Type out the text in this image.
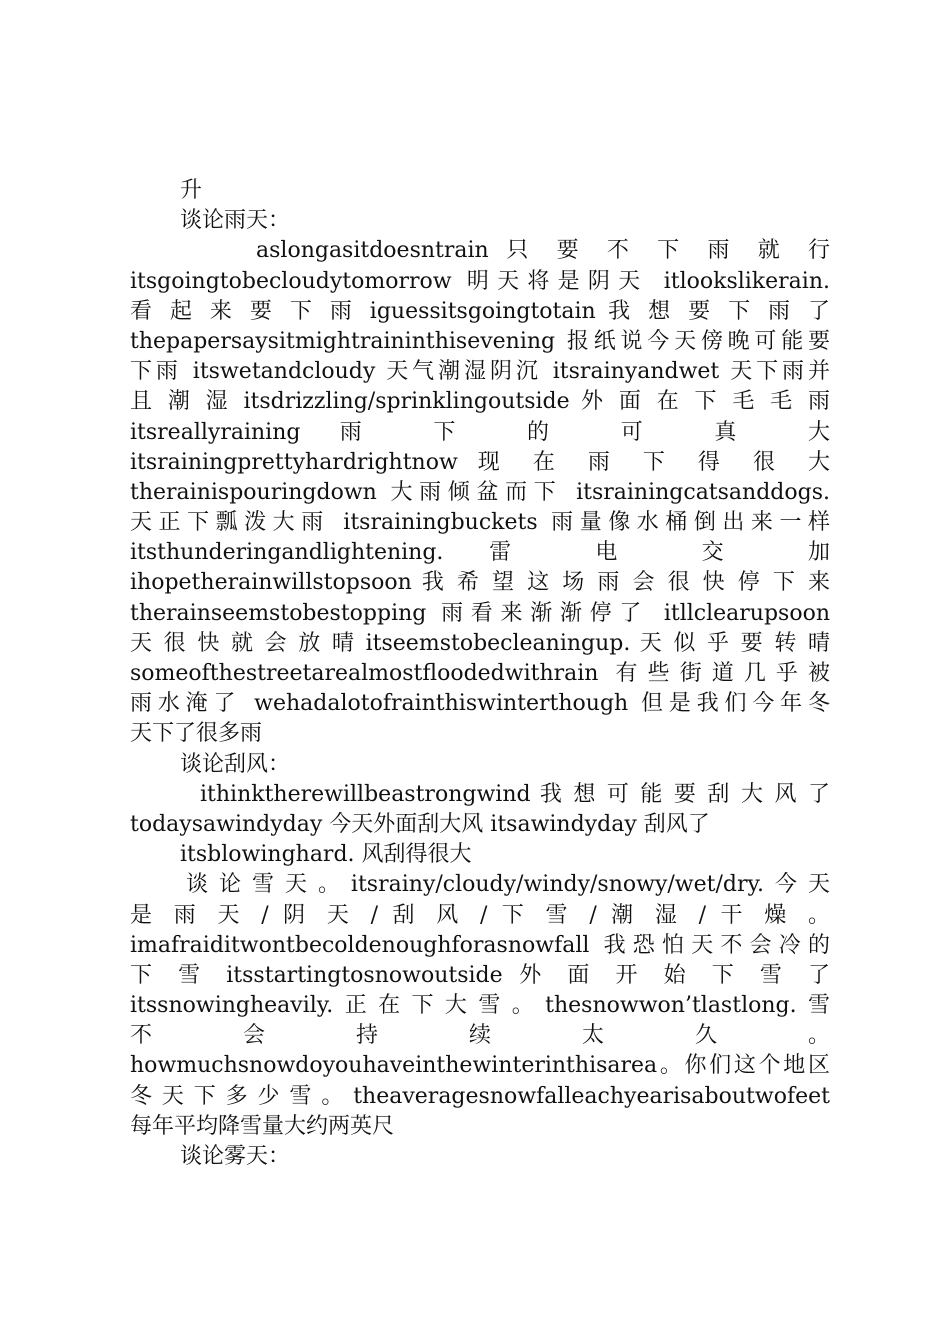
升
谈论雨天：
aslongasitdoesntrain 只 要 不 下 雨 就 行
itsgoingtobecloudytomorrow 明天将是阴天 itlookslikerain.
看 起 来 要 下 雨 iguessitsgoingtotain 我 想 要 下 雨 了
thepapersaysitmightraininthisevening 报纸说今天傍晚可能要
下雨 itswetandcloudy 天气潮湿阴沉 itsrainyandwet 天下雨并
且 潮 湿 itsdrizzling/sprinklingoutside 外 面 在 下 毛 毛 雨
itsreallyraining 雨 下 的 可 真 大
itsrainingprettyhardrightnow 现 在 雨 下 得 很 大
therainispouringdown 大雨倾盆而下 itsrainingcatsanddogs.
天正下瓢泼大雨 itsrainingbuckets 雨量像水桶倒出来一样
itsthunderingandlightening. 雷 电 交 加
ihopetherainwillstopsoon 我 希 望 这 场 雨 会 很 快 停 下 来
therainseemstobestopping 雨看来渐渐停了 itllclearupsoon
天 很 快 就 会 放 晴 itseemstobecleaningup. 天 似 乎 要 转 晴
someofthestreetarealmostfloodedwithrain 有些街道几乎被
雨水淹了 wehadalotofrainthiswinterthough 但是我们今年冬
天下了很多雨
谈论刮风：
ithinktherewillbeastrongwind 我 想 可 能 要 刮 大 风 了
todaysawindyday 今天外面刮大风 itsawindyday 刮风了
itsblowinghard. 风刮得很大
谈论雪天。itsrainy/cloudy/windy/snowy/wet/dry.今天
是 雨 天 / 阴 天 / 刮 风 / 下 雪 / 潮 湿 / 干 燥 。
imafraiditwontbecoldenoughforasnowfall 我恐怕天不会冷的
下 雪 itsstartingtosnowoutside 外 面 开 始 下 雪 了
itssnowingheavily.正在下大雪。thesnowwon’tlastlong.雪
不 会 持 续 太 久 。
howmuchsnowdoyouhaveinthewinterinthisarea。你们这个地区
冬天下多少雪。theaveragesnowfalleachyearisaboutwofeet
每年平均降雪量大约两英尺
谈论雾天：
